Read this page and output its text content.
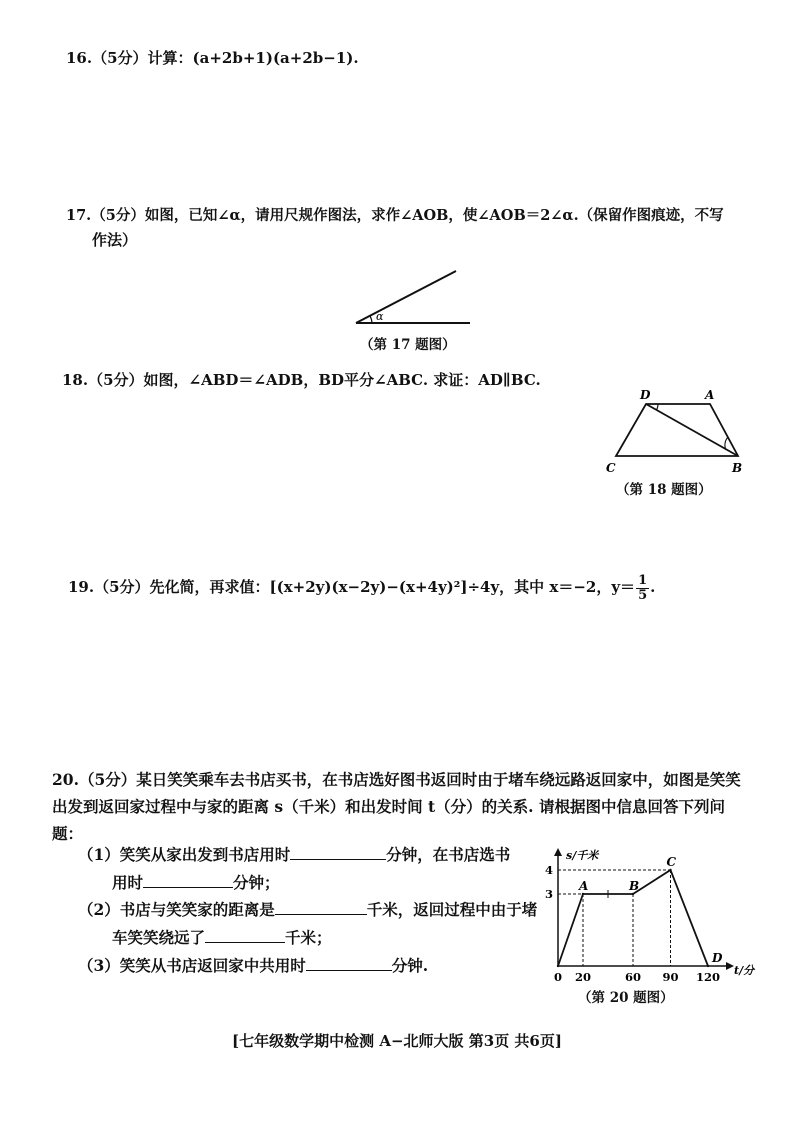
16.（5分）计算：(a+2b+1)(a+2b−1).
17.（5分）如图，已知∠α，请用尺规作图法，求作∠AOB，使∠AOB＝2∠α.（保留作图痕迹，不写
作法）
α
（第 17 题图）
18.（5分）如图，∠ABD＝∠ADB，BD平分∠ABC. 求证：AD∥BC.
D	A
C	B
（第 18 题图）
19.（5分）先化简，再求值：[(x+2y)(x−2y)−(x+4y)²]÷4y，其中 x＝−2，$y= \frac{1}{5}$ .
20.（5分）某日笑笑乘车去书店买书，在书店选好图书返回时由于堵车绕远路返回家中，如图是笑笑出发到返回家过程中与家的距离 s（千米）和出发时间 t（分）的关系. 请根据图中信息回答下列问题：
（1）笑笑从家出发到书店用时	分钟，在书店选书
用时	分钟；
（2）书店与笑笑家的距离是	千米，返回过程中由于堵
车笑笑绕远了	千米；
（3）笑笑从书店返回家中共用时	分钟.
s/千米
t/分
A	B
C
D
0 20	60 90 120
3
4
（第 20 题图）
[七年级数学期中检测 A−北师大版 第3页 共6页]
